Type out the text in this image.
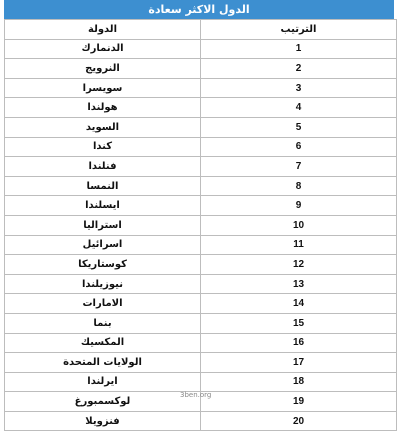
الدول الاكثر سعادة
الدولة	الترتيب
الدنمارك	1
النرويج	2
سويسرا	3
هولندا	4
السويد	5
كندا	6
فنلندا	7
النمسا	8
ايسلندا	9
استراليا	10
اسرائيل	11
كوستاريكا	12
نيوزيلندا	13
الامارات	14
بنما	15
المكسيك	16
الولايات المتحدة	17
ايرلندا	18
لوكسمبورغ	19
فنزويلا	20
3ben.org
